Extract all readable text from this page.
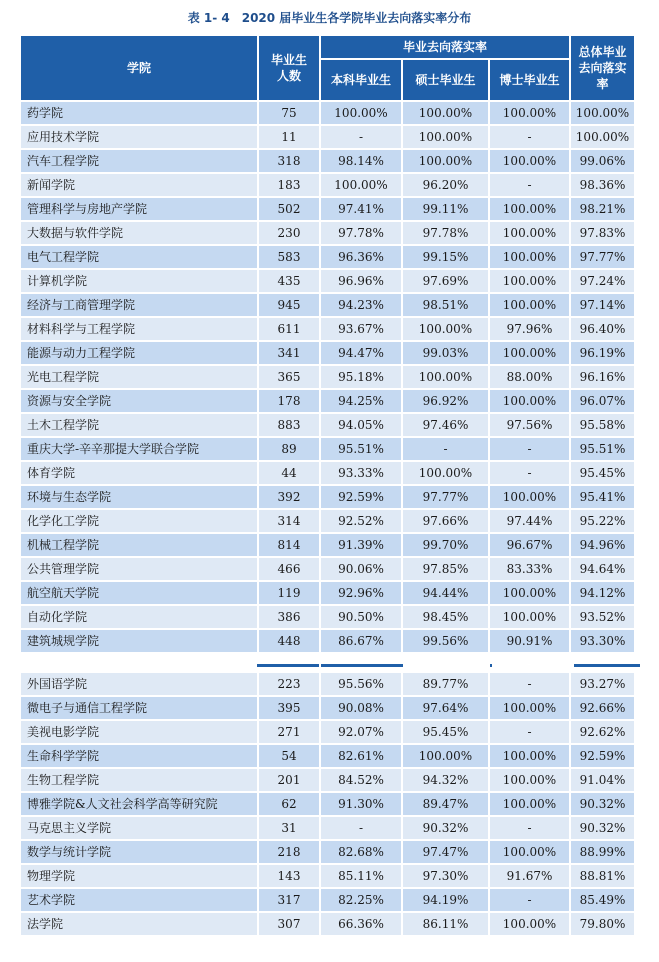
表 1- 4　2020 届毕业生各学院毕业去向落实率分布
学院	毕业生人数	毕业去向落实率			总体毕业去向落实率
		本科毕业生	硕士毕业生	博士毕业生	
药学院	75	100.00%	100.00%	100.00%	100.00%
应用技术学院	11	-	100.00%	-	100.00%
汽车工程学院	318	98.14%	100.00%	100.00%	99.06%
新闻学院	183	100.00%	96.20%	-	98.36%
管理科学与房地产学院	502	97.41%	99.11%	100.00%	98.21%
大数据与软件学院	230	97.78%	97.78%	100.00%	97.83%
电气工程学院	583	96.36%	99.15%	100.00%	97.77%
计算机学院	435	96.96%	97.69%	100.00%	97.24%
经济与工商管理学院	945	94.23%	98.51%	100.00%	97.14%
材料科学与工程学院	611	93.67%	100.00%	97.96%	96.40%
能源与动力工程学院	341	94.47%	99.03%	100.00%	96.19%
光电工程学院	365	95.18%	100.00%	88.00%	96.16%
资源与安全学院	178	94.25%	96.92%	100.00%	96.07%
土木工程学院	883	94.05%	97.46%	97.56%	95.58%
重庆大学-辛辛那提大学联合学院	89	95.51%	-	-	95.51%
体育学院	44	93.33%	100.00%	-	95.45%
环境与生态学院	392	92.59%	97.77%	100.00%	95.41%
化学化工学院	314	92.52%	97.66%	97.44%	95.22%
机械工程学院	814	91.39%	99.70%	96.67%	94.96%
公共管理学院	466	90.06%	97.85%	83.33%	94.64%
航空航天学院	119	92.96%	94.44%	100.00%	94.12%
自动化学院	386	90.50%	98.45%	100.00%	93.52%
建筑城规学院	448	86.67%	99.56%	90.91%	93.30%
外国语学院	223	95.56%	89.77%	-	93.27%
微电子与通信工程学院	395	90.08%	97.64%	100.00%	92.66%
美视电影学院	271	92.07%	95.45%	-	92.62%
生命科学学院	54	82.61%	100.00%	100.00%	92.59%
生物工程学院	201	84.52%	94.32%	100.00%	91.04%
博雅学院&人文社会科学高等研究院	62	91.30%	89.47%	100.00%	90.32%
马克思主义学院	31	-	90.32%	-	90.32%
数学与统计学院	218	82.68%	97.47%	100.00%	88.99%
物理学院	143	85.11%	97.30%	91.67%	88.81%
艺术学院	317	82.25%	94.19%	-	85.49%
法学院	307	66.36%	86.11%	100.00%	79.80%
